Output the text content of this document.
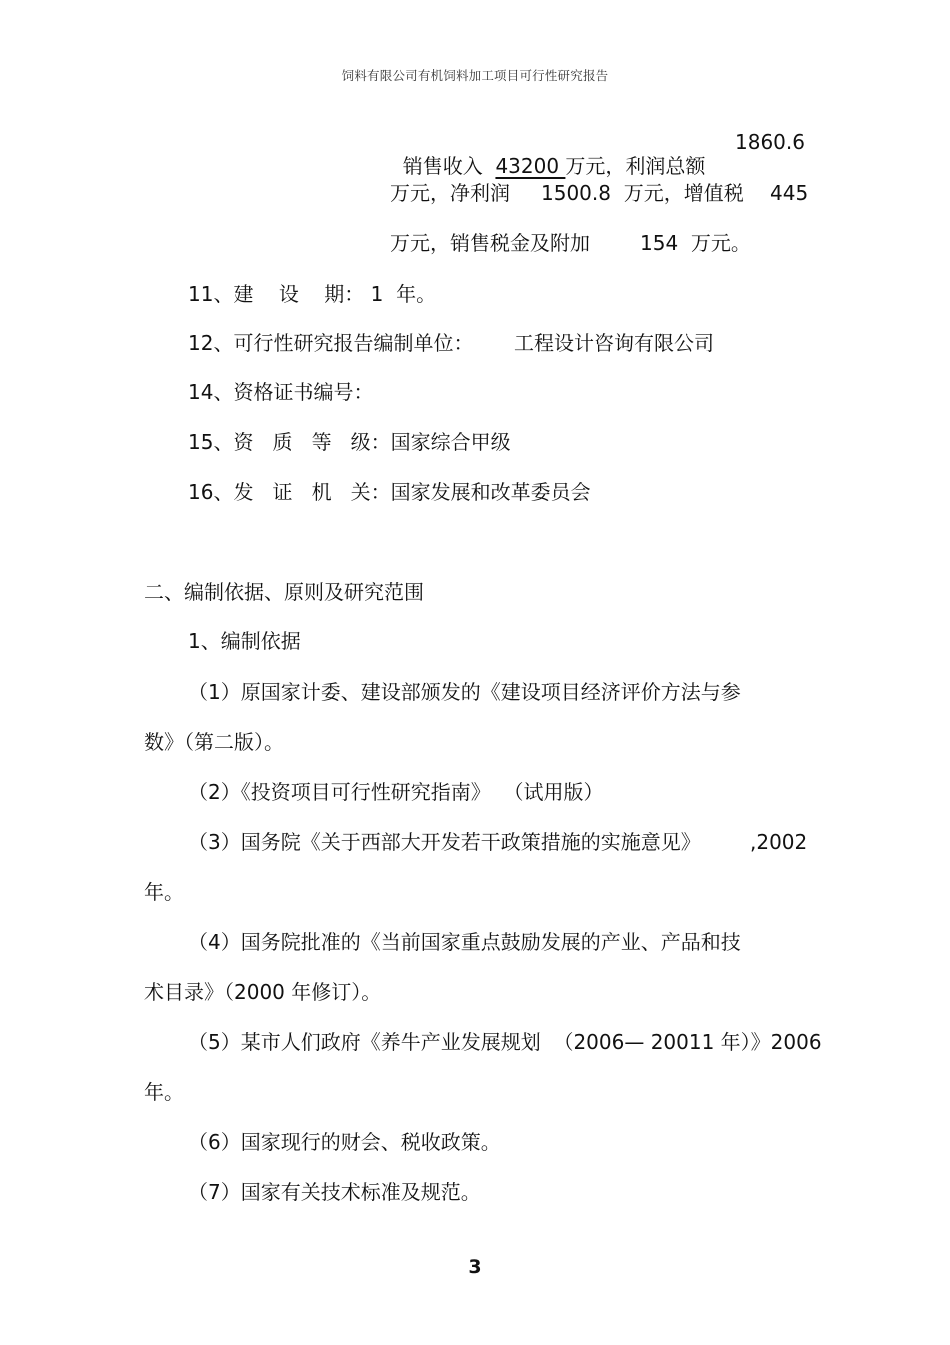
饲料有限公司有机饲料加工项目可行性研究报告

销售收入  43200 万元，利润总额

1860.6
万元，净利润 1500.8  万元，增值税 445
万元，销售税金及附加	154  万元。
11、建    设    期： 1  年。
12、可行性研究报告编制单位： 工程设计咨询有限公司
14、资格证书编号：
15、资   质   等   级：国家综合甲级
16、发   证   机   关：国家发展和改革委员会
二、编制依据、原则及研究范围
1、编制依据
（1）原国家计委、建设部颁发的《建设项目经济评价方法与参
数》（第二版）。
（2）《投资项目可行性研究指南》  （试用版）
（3）国务院《关于西部大开发若干政策措施的实施意见》 ,2002
年。
（4）国务院批准的《当前国家重点鼓励发展的产业、产品和技
术目录》（2000 年修订）。
（5）某市人们政府《养牛产业发展规划  （2006— 20011 年）》2006
年。
（6）国家现行的财会、税收政策。
（7）国家有关技术标准及规范。
3
